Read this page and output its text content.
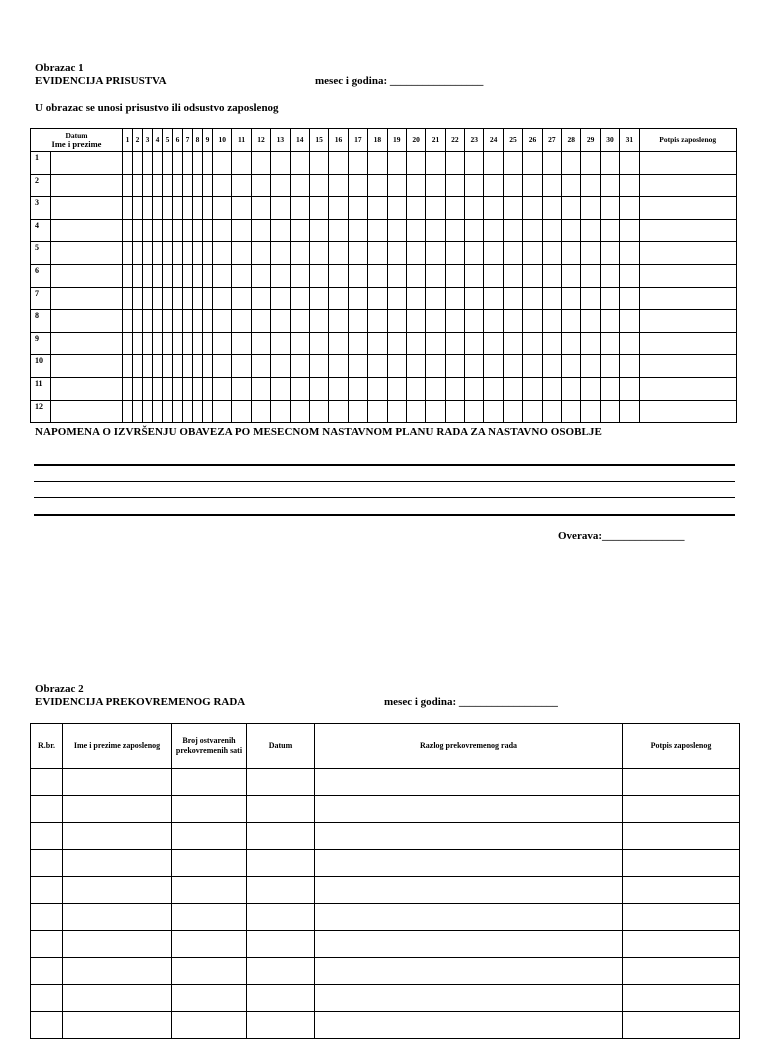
Obrazac 1
EVIDENCIJA PRISUSTVA	mesec i godina: _________________
U obrazac se unosi prisustvo ili odsustvo zaposlenog
Datum
Ime i prezime	1	2	3	4	5	6	7	8	9	10	11	12	13	14	15	16	17	18	19	20	21	22	23	24	25	26	27	28	29	30	31	Potpis zaposlenog

1																																

2																																

3																																

4																																

5																																

6																																

7																																

8																																

9																																

10																																

11																																

12																																

NAPOMENA O IZVRŠENJU OBAVEZA PO MESECNOM NASTAVNOM PLANU RADA ZA NASTAVNO OSOBLJE
Overava:_______________
Obrazac 2
EVIDENCIJA PREKOVREMENOG RADA	mesec i godina: __________________
R.br.	Ime i prezime zaposlenog	Broj ostvarenih prekovremenih sati	Datum	Razlog prekovremenog rada	Potpis zaposlenog
